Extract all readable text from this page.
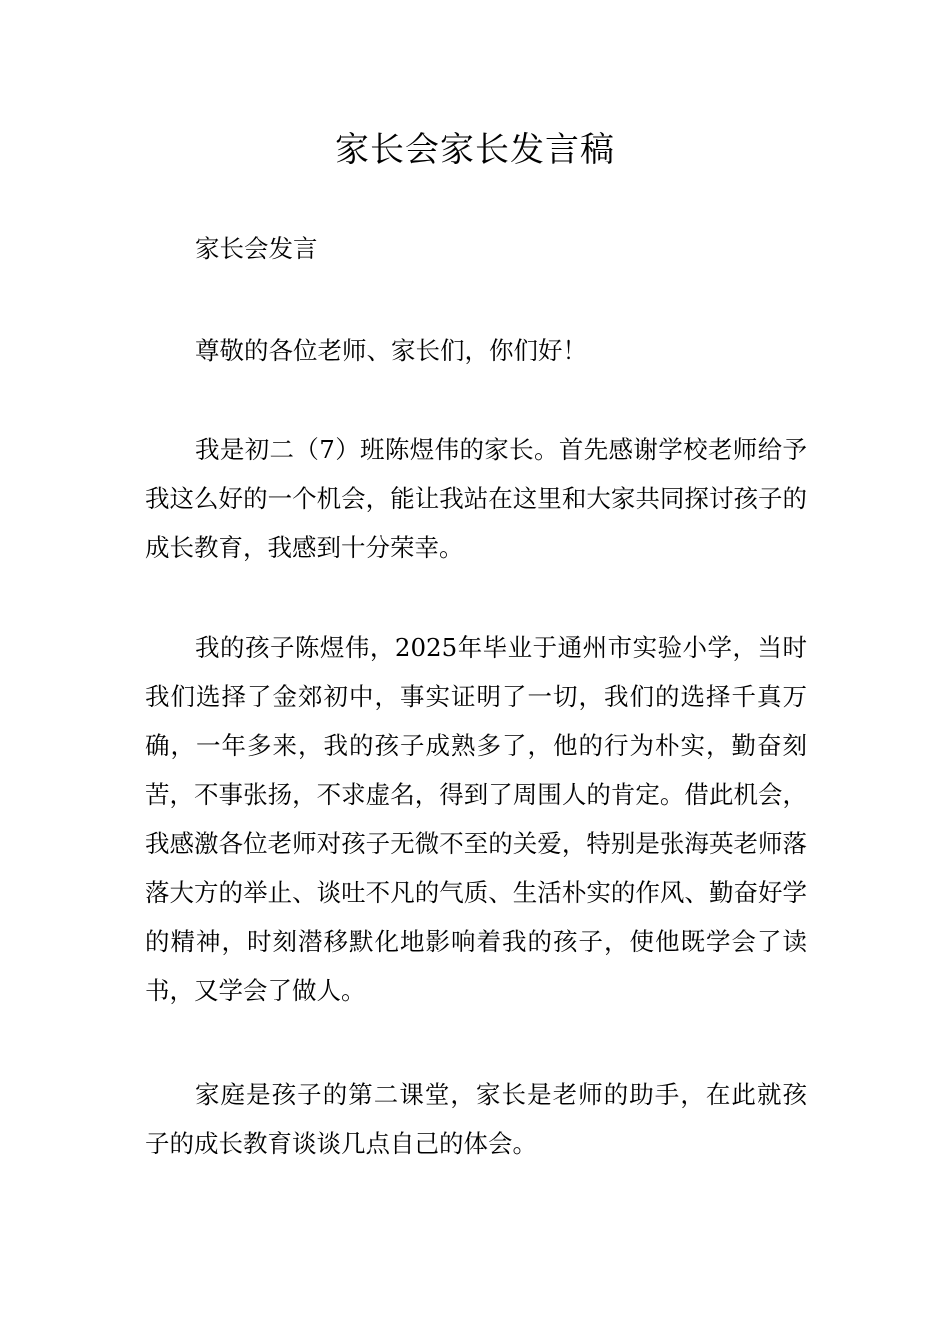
家长会家长发言稿

家长会发言

尊敬的各位老师、家长们，你们好！

我是初二（7）班陈煜伟的家长。首先感谢学校老师给予我这么好的一个机会，能让我站在这里和大家共同探讨孩子的成长教育，我感到十分荣幸。

我的孩子陈煜伟，2025年毕业于通州市实验小学，当时我们选择了金郊初中，事实证明了一切，我们的选择千真万确，一年多来，我的孩子成熟多了，他的行为朴实，勤奋刻苦，不事张扬，不求虚名，得到了周围人的肯定。借此机会，我感激各位老师对孩子无微不至的关爱，特别是张海英老师落落大方的举止、谈吐不凡的气质、生活朴实的作风、勤奋好学的精神，时刻潜移默化地影响着我的孩子，使他既学会了读书，又学会了做人。

家庭是孩子的第二课堂，家长是老师的助手，在此就孩子的成长教育谈谈几点自己的体会。
